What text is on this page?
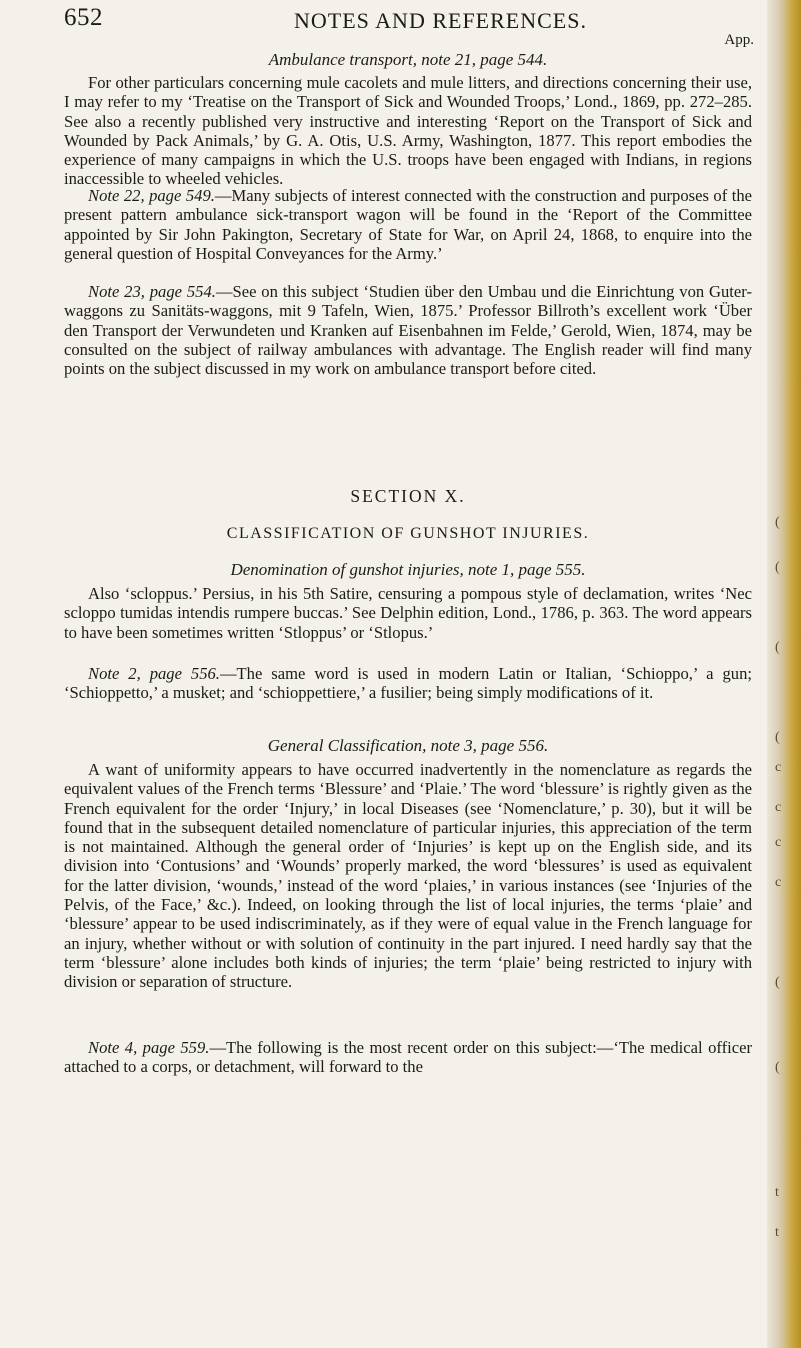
(
(
(
(
c
c
c
c
(
(
t
t
652	NOTES AND REFERENCES.
App.
Ambulance transport, note 21, page 544.

For other particulars concerning mule cacolets and mule litters, and directions concerning their use, I may refer to my ‘Treatise on the Transport of Sick and Wounded Troops,’ Lond., 1869, pp. 272–285. See also a recently published very instructive and interesting ‘Report on the Transport of Sick and Wounded by Pack Animals,’ by G. A. Otis, U.S. Army, Washington, 1877. This report embodies the experience of many campaigns in which the U.S. troops have been engaged with Indians, in regions inaccessible to wheeled vehicles.

Note 22, page 549.—Many subjects of interest connected with the construction and purposes of the present pattern ambulance sick-transport wagon will be found in the ‘Report of the Committee appointed by Sir John Pakington, Secretary of State for War, on April 24, 1868, to enquire into the general question of Hospital Conveyances for the Army.’

Note 23, page 554.—See on this subject ‘Studien über den Umbau und die Einrichtung von Guter-waggons zu Sanitäts-waggons, mit 9 Tafeln, Wien, 1875.’ Professor Billroth’s excellent work ‘Über den Transport der Verwundeten und Kranken auf Eisenbahnen im Felde,’ Gerold, Wien, 1874, may be consulted on the subject of railway ambulances with advantage. The English reader will find many points on the subject discussed in my work on ambulance transport before cited.

SECTION X.
CLASSIFICATION OF GUNSHOT INJURIES.
Denomination of gunshot injuries, note 1, page 555.

Also ‘scloppus.’ Persius, in his 5th Satire, censuring a pompous style of declamation, writes ‘Nec scloppo tumidas intendis rumpere buccas.’ See Delphin edition, Lond., 1786, p. 363. The word appears to have been sometimes written ‘Stloppus’ or ‘Stlopus.’

Note 2, page 556.—The same word is used in modern Latin or Italian, ‘Schioppo,’ a gun; ‘Schioppetto,’ a musket; and ‘schioppettiere,’ a fusilier; being simply modifications of it.

General Classification, note 3, page 556.

A want of uniformity appears to have occurred inadvertently in the nomenclature as regards the equivalent values of the French terms ‘Blessure’ and ‘Plaie.’ The word ‘blessure’ is rightly given as the French equivalent for the order ‘Injury,’ in local Diseases (see ‘Nomenclature,’ p. 30), but it will be found that in the subsequent detailed nomenclature of particular injuries, this appreciation of the term is not maintained. Although the general order of ‘Injuries’ is kept up on the English side, and its division into ‘Contusions’ and ‘Wounds’ properly marked, the word ‘blessures’ is used as equivalent for the latter division, ‘wounds,’ instead of the word ‘plaies,’ in various instances (see ‘Injuries of the Pelvis, of the Face,’ &c.). Indeed, on looking through the list of local injuries, the terms ‘plaie’ and ‘blessure’ appear to be used indiscriminately, as if they were of equal value in the French language for an injury, whether without or with solution of continuity in the part injured. I need hardly say that the term ‘blessure’ alone includes both kinds of injuries; the term ‘plaie’ being restricted to injury with division or separation of structure.

Note 4, page 559.—The following is the most recent order on this subject:—‘The medical officer attached to a corps, or detachment, will forward to the
